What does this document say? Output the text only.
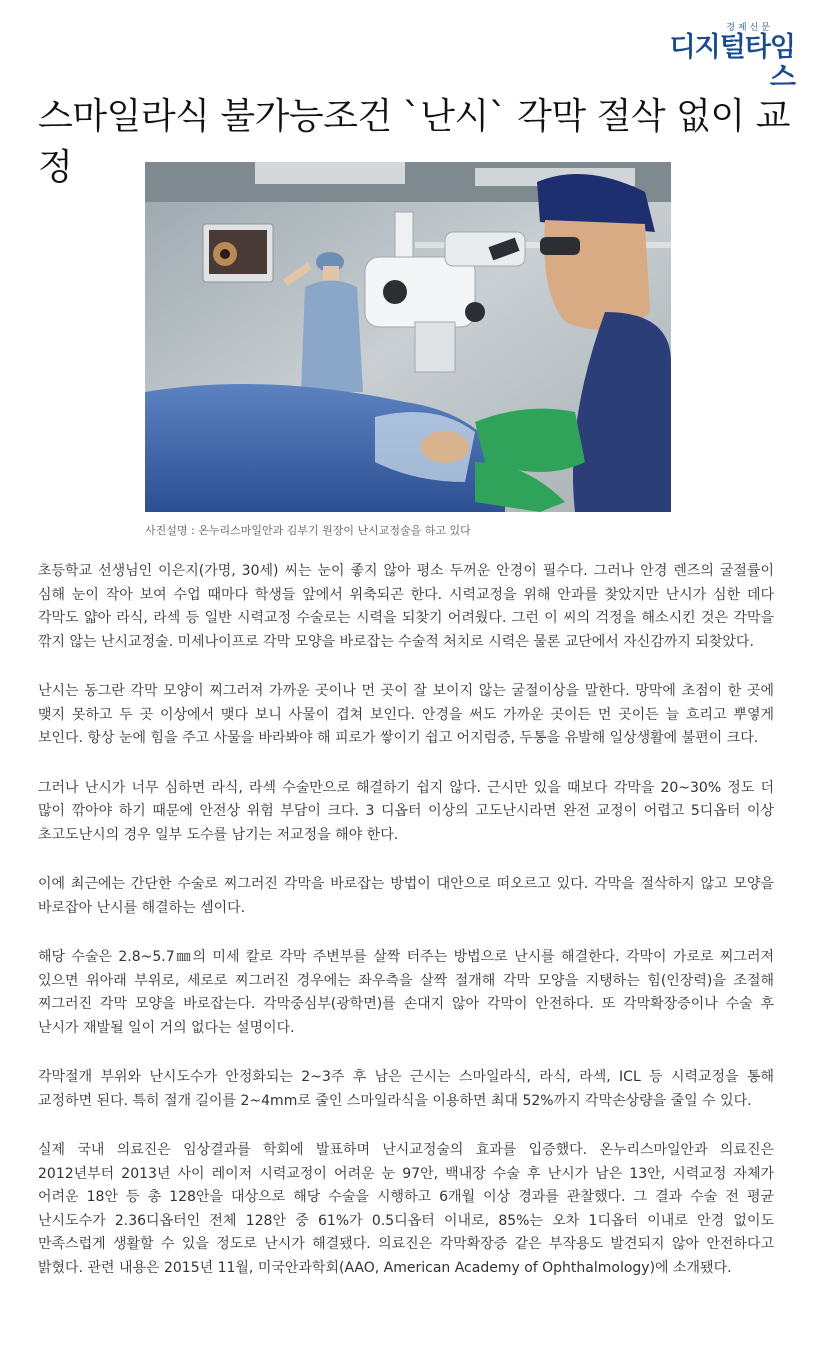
경제신문
디지털타임스
스마일라식 불가능조건 `난시` 각막 절삭 없이 교정
사진설명 : 온누리스마일안과 김부기 원장이 난시교정술을 하고 있다

초등학교 선생님인 이은지(가명, 30세) 씨는 눈이 좋지 않아 평소 두꺼운 안경이 필수다. 그러나 안경 렌즈의 굴절률이 심해 눈이 작아 보여 수업 때마다 학생들 앞에서 위축되곤 한다. 시력교정을 위해 안과를 찾았지만 난시가 심한 데다 각막도 얇아 라식, 라섹 등 일반 시력교정 수술로는 시력을 되찾기 어려웠다. 그런 이 씨의 걱정을 해소시킨 것은 각막을 깎지 않는 난시교정술. 미세나이프로 각막 모양을 바로잡는 수술적 처치로 시력은 물론 교단에서 자신감까지 되찾았다.

난시는 동그란 각막 모양이 찌그러져 가까운 곳이나 먼 곳이 잘 보이지 않는 굴절이상을 말한다. 망막에 초점이 한 곳에 맺지 못하고 두 곳 이상에서 맺다 보니 사물이 겹쳐 보인다. 안경을 써도 가까운 곳이든 먼 곳이든 늘 흐리고 뿌옇게 보인다. 항상 눈에 힘을 주고 사물을 바라봐야 해 피로가 쌓이기 쉽고 어지럼증, 두통을 유발해 일상생활에 불편이 크다.

그러나 난시가 너무 심하면 라식, 라섹 수술만으로 해결하기 쉽지 않다. 근시만 있을 때보다 각막을 20~30% 정도 더 많이 깎아야 하기 때문에 안전상 위험 부담이 크다. 3 디옵터 이상의 고도난시라면 완전 교정이 어렵고 5디옵터 이상 초고도난시의 경우 일부 도수를 남기는 저교정을 해야 한다.

이에 최근에는 간단한 수술로 찌그러진 각막을 바로잡는 방법이 대안으로 떠오르고 있다. 각막을 절삭하지 않고 모양을 바로잡아 난시를 해결하는 셈이다.

해당 수술은 2.8~5.7㎜의 미세 칼로 각막 주변부를 살짝 터주는 방법으로 난시를 해결한다. 각막이 가로로 찌그러져 있으면 위아래 부위로, 세로로 찌그러진 경우에는 좌우측을 살짝 절개해 각막 모양을 지탱하는 힘(인장력)을 조절해 찌그러진 각막 모양을 바로잡는다. 각막중심부(광학면)를 손대지 않아 각막이 안전하다. 또 각막확장증이나 수술 후 난시가 재발될 일이 거의 없다는 설명이다.

각막절개 부위와 난시도수가 안정화되는 2~3주 후 남은 근시는 스마일라식, 라식, 라섹, ICL 등 시력교정을 통해 교정하면 된다. 특히 절개 길이를 2~4mm로 줄인 스마일라식을 이용하면 최대 52%까지 각막손상량을 줄일 수 있다.

실제 국내 의료진은 임상결과를 학회에 발표하며 난시교정술의 효과를 입증했다. 온누리스마일안과 의료진은 2012년부터 2013년 사이 레이저 시력교정이 어려운 눈 97안, 백내장 수술 후 난시가 남은 13안, 시력교정 자체가 어려운 18안 등 총 128안을 대상으로 해당 수술을 시행하고 6개월 이상 경과를 관찰했다. 그 결과 수술 전 평균 난시도수가 2.36디옵터인 전체 128안 중 61%가 0.5디옵터 이내로, 85%는 오차 1디옵터 이내로 안경 없이도 만족스럽게 생활할 수 있을 정도로 난시가 해결됐다. 의료진은 각막확장증 같은 부작용도 발견되지 않아 안전하다고 밝혔다. 관련 내용은 2015년 11월, 미국안과학회(AAO, American Academy of Ophthalmology)에 소개됐다.
